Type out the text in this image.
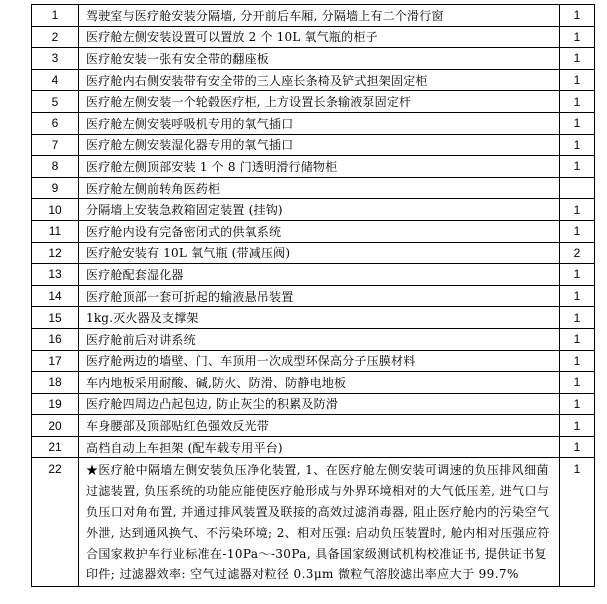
1	驾驶室与医疗舱安装分隔墙, 分开前后车厢, 分隔墙上有二个滑行窗	1
2	医疗舱左侧安装设置可以置放 2 个 10L 氧气瓶的柜子	1
3	医疗舱安装一张有安全带的翻座板	1
4	医疗舱内右侧安装带有安全带的三人座长条椅及铲式担架固定柜	1
5	医疗舱左侧安装一个轮毂医疗柜, 上方设置长条输液泵固定杆	1
6	医疗舱左侧安装呼吸机专用的氧气插口	1
7	医疗舱左侧安装湿化器专用的氧气插口	1
8	医疗舱左侧顶部安装 1 个 8 门透明滑行储物柜	1
9	医疗舱左侧前转角医药柜	
10	分隔墙上安装急救箱固定装置 (挂钩)	1
11	医疗舱内设有完备密闭式的供氧系统	1
12	医疗舱安装有 10L 氧气瓶 (带减压阀)	2
13	医疗舱配套湿化器	1
14	医疗舱顶部一套可折起的输液悬吊装置	1
15	1kg.灭火器及支撑架	1
16	医疗舱前后对讲系统	1
17	医疗舱两边的墙壁、门、车顶用一次成型环保高分子压膜材料	1
18	车内地板采用耐酸、碱,防火、防滑、防静电地板	1
19	医疗舱四周边凸起包边, 防止灰尘的积累及防滑	1
20	车身腰部及顶部贴红色强效反光带	1
21	高档自动上车担架 (配车载专用平台)	1
22	★医疗舱中隔墙左侧安装负压净化装置, 1、在医疗舱左侧安装可调速的负压排风细菌过滤装置, 负压系统的功能应能使医疗舱形成与外界环境相对的大气低压差, 进气口与负压口对角布置, 并通过排风装置及联接的高效过滤消毒器, 阻止医疗舱内的污染空气外泄, 达到通风换气、不污染环境; 2、相对压强: 启动负压装置时, 舱内相对压强应符合国家救护车行业标准在-10Pa～-30Pa, 具备国家级测试机构校准证书, 提供证书复印件; 过滤器效率: 空气过滤器对粒径 0.3μm 微粒气溶胶滤出率应大于 99.7%	1
